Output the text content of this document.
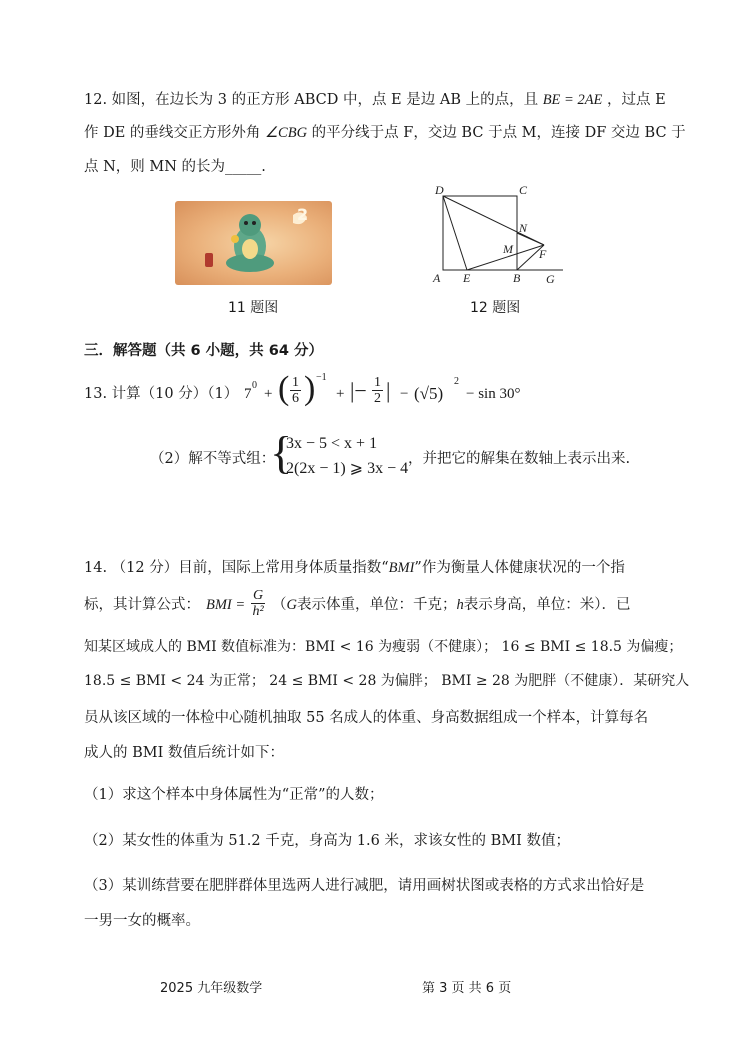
12. 如图，在边长为 3 的正方形 ABCD 中，点 E 是边 AB 上的点，且 BE = 2AE ，过点 E
作 DE 的垂线交正方形外角 ∠CBG 的平分线于点 F，交边 BC 于点 M，连接 DF 交边 BC 于
点 N，则 MN 的长为_____.
2
11 题图
D	C
N
M F
A E	B G
12 题图
三．解答题（共 6 小题，共 64 分）
13. 计算（10 分）（1） 7
0
+ ( $\frac{1}{6}$ ) −1
+ |− $\frac{1}{2}$ | − (√5)
2
− sin 30°
（2）解不等式组：
{
3x − 5 < x + 1
2(2x − 1) ⩾ 3x − 4
，并把它的解集在数轴上表示出来.
14. （12 分）目前，国际上常用身体质量指数“BMI”作为衡量人体健康状况的一个指
标，其计算公式： BMI = $\frac{G}{\text{h²}} (G$表示体重，单位：千克；h表示身高，单位：米）．已
知某区域成人的 BMI 数值标准为：BMI < 16 为瘦弱（不健康）； 16 ≤ BMI ≤ 18.5 为偏瘦；
18.5 ≤ BMI < 24 为正常； 24 ≤ BMI < 28 为偏胖； BMI ≥ 28 为肥胖（不健康）．某研究人
员从该区域的一体检中心随机抽取 55 名成人的体重、身高数据组成一个样本，计算每名
成人的 BMI 数值后统计如下：
（1）求这个样本中身体属性为“正常”的人数；
（2）某女性的体重为 51.2 千克，身高为 1.6 米，求该女性的 BMI 数值；
（3）某训练营要在肥胖群体里选两人进行减肥，请用画树状图或表格的方式求出恰好是
一男一女的概率。
2025 九年级数学	第 3 页 共 6 页
